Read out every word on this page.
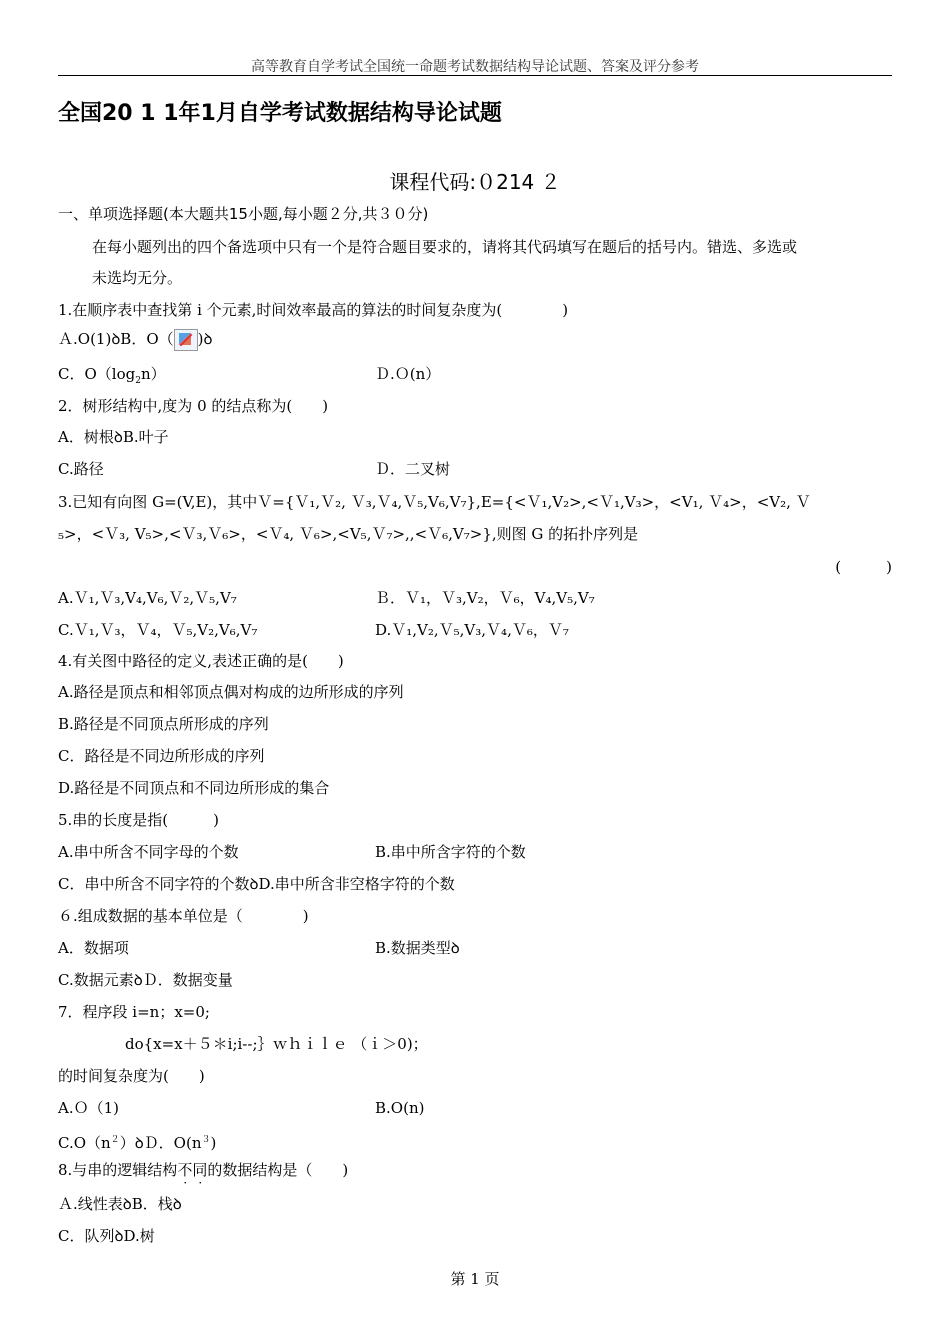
高等教育自学考试全国统一命题考试数据结构导论试题、答案及评分参考
全国20 1 1年1月自学考试数据结构导论试题
课程代码:０214 ２
一、单项选择题(本大题共15小题,每小题２分,共３０分)
在每小题列出的四个备选项中只有一个是符合题目要求的，请将其代码填写在题后的括号内。错选、多选或
未选均无分。
1.在顺序表中查找第 i 个元素,时间效率最高的算法的时间复杂度为(　　　　)
Ａ.O(1)ꝺB．O（ )ꝺ
C．$O(\log_2n)$	Ｄ.Ｏ(n）
2．树形结构中,度为 0 的结点称为(　　)
A．树根ꝺB.叶子
C.路径	Ｄ．二叉树
3.已知有向图 G=(V,E)，其中Ｖ={Ｖ₁,Ｖ₂, Ｖ₃,Ｖ₄,Ｖ₅,V₆,V₇},E={<Ｖ₁,V₂>,<Ｖ₁,V₃>，<V₁, Ｖ₄>，<V₂, Ｖ
₅>，<Ｖ₃, V₅>,<Ｖ₃,Ｖ₆>，<Ｖ₄, Ｖ₆>,<V₅,Ｖ₇>,,<Ｖ₆,V₇>},则图 G 的拓扑序列是
(　　　)
A.Ｖ₁,Ｖ₃,V₄,V₆,Ｖ₂,Ｖ₅,V₇	Ｂ．Ｖ₁，Ｖ₃,V₂，Ｖ₆，V₄,V₅,V₇
C.Ｖ₁,Ｖ₃，Ｖ₄，Ｖ₅,V₂,V₆,V₇	D.Ｖ₁,V₂,Ｖ₅,V₃,Ｖ₄,Ｖ₆，Ｖ₇
4.有关图中路径的定义,表述正确的是(　　)
A.路径是顶点和相邻顶点偶对构成的边所形成的序列
B.路径是不同顶点所形成的序列
C．路径是不同边所形成的序列
D.路径是不同顶点和不同边所形成的集合
5.串的长度是指(　　　)
A.串中所含不同字母的个数	B.串中所含字符的个数
C．串中所含不同字符的个数ꝺD.串中所含非空格字符的个数
６.组成数据的基本单位是（　　　　)
A．数据项	B.数据类型ꝺ
C.数据元素ꝺＤ．数据变量
7．程序段 i=n；x=0;
do{x=x＋５＊i;i--;｝ｗｈｉｌｅ （ｉ＞0)；
的时间复杂度为(　　)
A.Ｏ（1)	B.O(n)
$C.O(n^2)ꝺD$．$O(n^3)$
8.与串的逻辑结构不同的数据结构是（　　)
Ａ.线性表ꝺB．栈ꝺ
C．队列ꝺD.树
第 1 页
